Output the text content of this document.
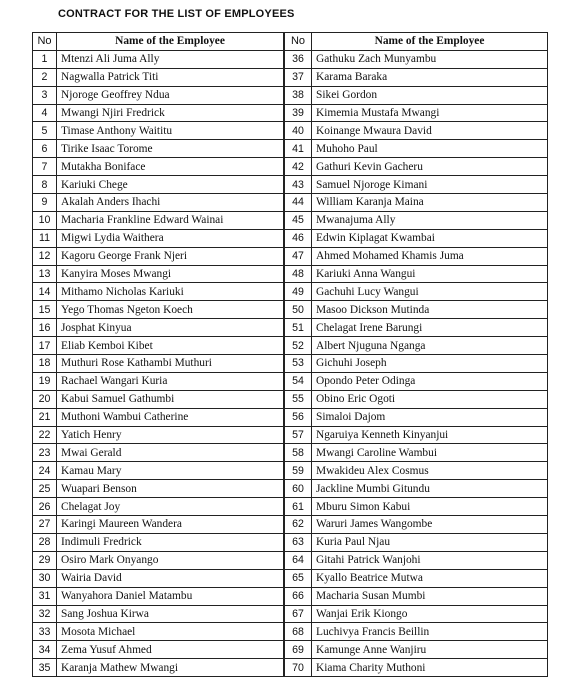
CONTRACT FOR THE LIST OF EMPLOYEES
No	Name of the Employee
1	Mtenzi Ali Juma Ally
2	Nagwalla Patrick Titi
3	Njoroge Geoffrey Ndua
4	Mwangi Njiri Fredrick
5	Timase Anthony Waititu
6	Tirike Isaac Torome
7	Mutakha Boniface
8	Kariuki Chege
9	Akalah Anders Ihachi
10	Macharia Frankline Edward Wainai
11	Migwi Lydia Waithera
12	Kagoru George Frank Njeri
13	Kanyira Moses Mwangi
14	Mithamo Nicholas Kariuki
15	Yego Thomas Ngeton Koech
16	Josphat Kinyua
17	Eliab Kemboi Kibet
18	Muthuri Rose Kathambi Muthuri
19	Rachael Wangari Kuria
20	Kabui Samuel Gathumbi
21	Muthoni Wambui Catherine
22	Yatich Henry
23	Mwai Gerald
24	Kamau Mary
25	Wuapari Benson
26	Chelagat Joy
27	Karingi Maureen Wandera
28	Indimuli Fredrick
29	Osiro Mark Onyango
30	Wairia David
31	Wanyahora Daniel Matambu
32	Sang Joshua Kirwa
33	Mosota Michael
34	Zema Yusuf Ahmed
35	Karanja Mathew Mwangi
No	Name of the Employee
36	Gathuku Zach Munyambu
37	Karama Baraka
38	Sikei Gordon
39	Kimemia Mustafa Mwangi
40	Koinange Mwaura David
41	Muhoho Paul
42	Gathuri Kevin Gacheru
43	Samuel Njoroge Kimani
44	William Karanja Maina
45	Mwanajuma Ally
46	Edwin Kiplagat Kwambai
47	Ahmed Mohamed Khamis Juma
48	Kariuki Anna Wangui
49	Gachuhi Lucy Wangui
50	Masoo Dickson Mutinda
51	Chelagat Irene Barungi
52	Albert Njuguna Nganga
53	Gichuhi Joseph
54	Opondo Peter Odinga
55	Obino Eric Ogoti
56	Simaloi Dajom
57	Ngaruiya Kenneth Kinyanjui
58	Mwangi Caroline Wambui
59	Mwakideu Alex Cosmus
60	Jackline Mumbi Gitundu
61	Mburu Simon Kabui
62	Waruri James Wangombe
63	Kuria Paul Njau
64	Gitahi Patrick Wanjohi
65	Kyallo Beatrice Mutwa
66	Macharia Susan Mumbi
67	Wanjai Erik Kiongo
68	Luchivya Francis Beillin
69	Kamunge Anne Wanjiru
70	Kiama Charity Muthoni
